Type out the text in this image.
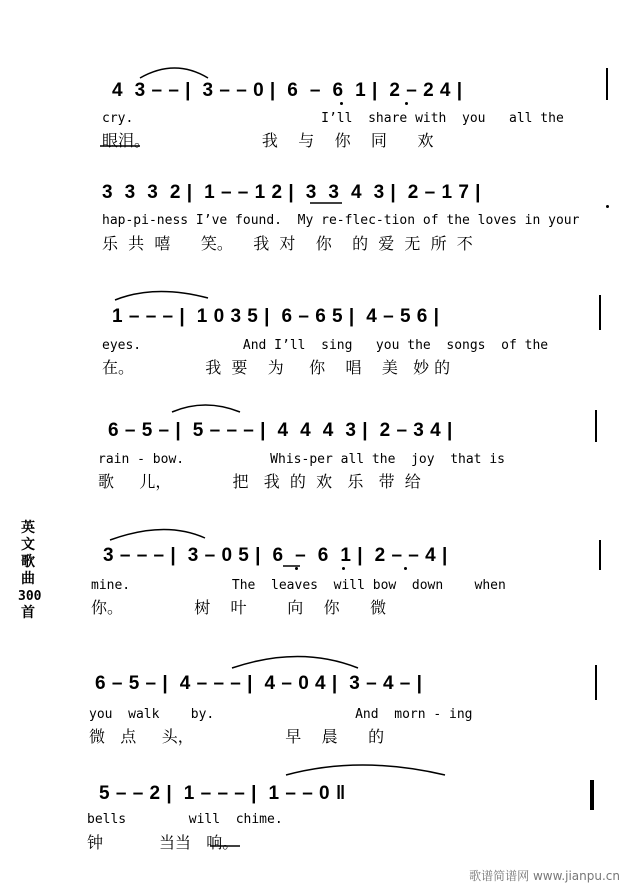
英
文
歌
曲
300
首
4  3 – – |  3 – – 0 |  6  –  6  1 |  2 – 2 4 |
cry.                        I’ll  share with  you   all the
眼泪。                      我    与    你    同      欢
3  3  3  2 |  1 – – 1 2 |  3  3  4  3 |  2 – 1 7 |
hap-pi-ness I’ve found.  My re-flec-tion of the loves in your
乐  共  嘻      笑。    我  对    你    的  爱  无  所  不
1 – – – |  1 0 3 5 |  6 – 6 5 |  4 – 5 6 |
eyes.             And I’ll  sing   you the  songs  of the
在。              我  要    为     你    唱    美   妙 的
6 – 5 – |  5 – – – |  4  4  4  3 |  2 – 3 4 |
rain - bow.           Whis-per all the  joy  that is
歌     儿，            把   我  的  欢   乐   带  给
3 – – – |  3 – 0 5 |  6  –  6  1 |  2 – – 4 |
mine.             The  leaves  will bow  down    when
你。              树    叶        向    你      微
6 – 5 – |  4 – – – |  4 – 0 4 |  3 – 4 – |
you  walk    by.                  And  morn - ing
微   点     头，                  早    晨      的
5 – – 2 |  1 – – – |  1 – – 0 ‖
bells        will  chime.
钟           当当   响。
歌谱简谱网 www.jianpu.cn
